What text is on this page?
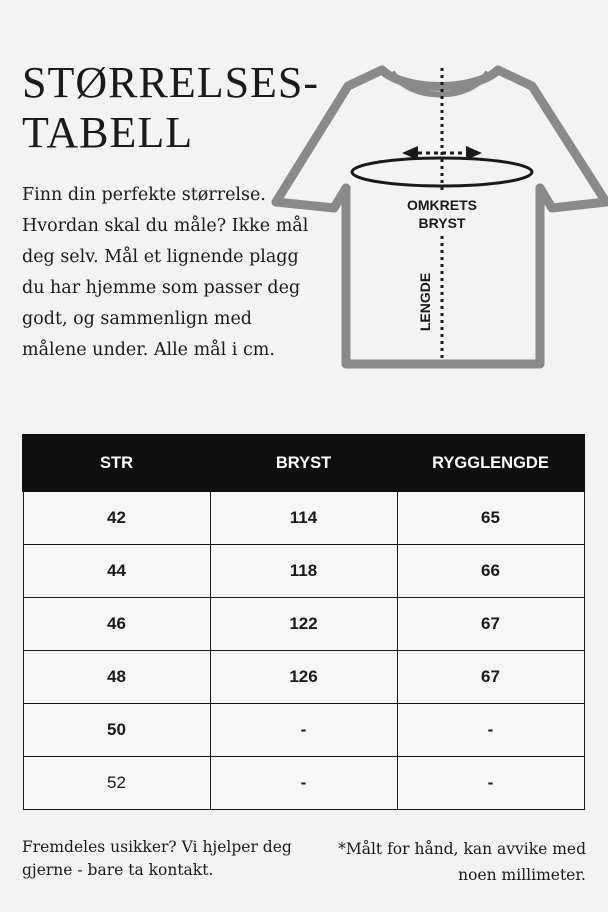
STØRRELSES-
TABELL

Finn din perfekte størrelse. Hvordan skal du måle? Ikke mål deg selv. Mål et lignende plagg du har hjemme som passer deg godt, og sammenlign med målene under. Alle mål i cm.

OMKRETS
BRYST
LENGDE
STR	BRYST	RYGGLENGDE
42	114	65
44	118	66
46	122	67
48	126	67
50	-	-
52	-	-

Fremdeles usikker? Vi hjelper deg gjerne - bare ta kontakt.

*Målt for hånd, kan avvike med noen millimeter.
